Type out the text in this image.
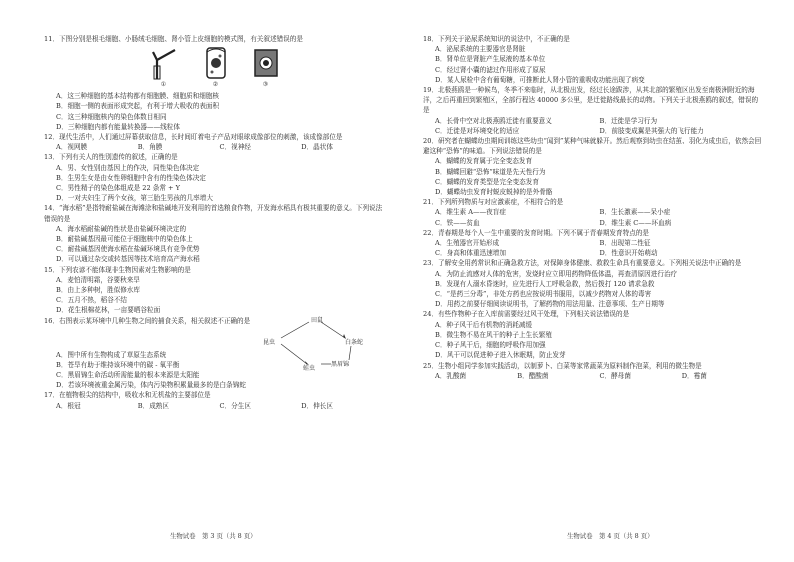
11．下图分别是根毛细胞、小肠绒毛细胞、肾小管上皮细胞的模式图，有关叙述错误的是
①	②	③
A．这三种细胞的基本结构都有细胞膜、细胞质和细胞核
B．细胞一侧的表面形成突起，有利于增大吸收的表面积
C．这三种细胞核内的染色体数目相同
D．三种细胞内都有能量转换器——线粒体
12．现代生活中，人们通过屏幕获取信息，长时间盯着电子产品对眼球成像部位的刺激，该成像部位是
A．视网膜	B．角膜	C．视神经	D．晶状体
13．下列有关人的性别遗传的叙述，正确的是
A．男、女性别由基因上的作决，同性染色体决定
B．生男生女是由女性卵细胞中含有的性染色体决定
C．男性精子的染色体组成是 22 条常 + Y
D．一对夫妇生了两个女孩，第三胎生男孩的几率增大
14．“海水稻”是指特耐盐碱在海滩涂和盐碱地开发利用的首选粮食作物，开发海水稻具有极其重要的意义。下列说法错误的是
A．海水稻耐盐碱的性状是由盐碱环境决定的
B．耐盐碱基因最可能位于细胞核中的染色体上
C．耐盐碱基因使海水稻在盐碱环境具有竞争优势
D．可以通过杂交或转基因等技术培育高产海水稻
15．下列农谚不能体现非生物因素对生物影响的是
A．麦怕清明霜，谷要秋来旱
B．由上多种树，胜似修水库
C．五月不热，稻谷不结
D．花生根棉花林，一亩要晒谷粒面
16．右图表示某环境中几种生物之间的捕食关系，相关叙述不正确的是	田鼠
昆虫	白条蛇
蛙虫
黑眉锦
A．图中所有生物构成了草原生态系统
B．苍旱有助于维持该环境中的碳 - 氧平衡
C．黑眉锦生命活动所需能量的根本来源是太阳能
D．若该环境被重金属污染，体内污染物积累量最多的是白条锦蛇
17．在植物根尖的结构中，吸收水和无机盐的主要部位是
A．根冠	B．成熟区	C．分生区	D．伸长区
生物试卷　第 3 页（共 8 页）
18．下列关于泌尿系统知识的说法中，不正确的是
A．泌尿系统的主要器官是肾脏
B．肾单位是肾脏产生尿液的基本单位
C．经过肾小囊的滤过作用形成了原尿
D．某人尿检中含有葡萄糖，可推断此人肾小管的重吸收功能出现了病变
19．北极燕鸥是一种候鸟，冬季不来临时，从北极出发，经过长途跋涉，从其北部的繁殖区出发至南极洲附近的海洋，之后再重回到繁殖区，全部行程达 40000 多公里，是迁徙路线最长的动物。下列关于北极燕鸥的叙述，错误的是
A．长骨中空对北极燕鸥迁徙有重要意义	B．迁徙是学习行为
C．迁徙是对环境变化的适应	D．前肢变成翼是其强大的飞行能力
20．研究者在蝴蝶幼虫期间训练这些幼虫“闻到”某种气味就躲开。然后观察到幼虫在结茧、羽化为成虫后，依然会回避这种“恐怖”的味道。下列说法错误的是
A．蝴蝶的发育属于完全变态发育
B．蝴蝶回避“恐怖”味道是先天性行为
C．蝴蝶的发育类型是完全变态发育
D．蝴蝶幼虫发育时蜕皮蜕掉的是外骨骼
21．下列所列物质与对应激素症，不相符合的是
A．维生素 A——夜盲症	B．生长激素——呆小症
C．铁——贫血	D．维生素 C——坏血病
22．青春期是每个人一生中重要的发育时期。下列不属于青春期发育特点的是
A．生殖器官开始形成	B．出现第二性征
C．身高和体重迅速增加	D．性意识开始萌动
23．了解安全用药常识和正确急救方法，对保障身体健康、救救生命具有重要意义。下列相关说法中正确的是
A．为防止流感对人体的危害，发烧时应立即用药物降低体温，再查清原因进行治疗
B．发现有人溺水昏迷时，应先进行人工呼吸急救，然后拨打 120 请求急救
C．“是药三分毒”，非处方药也应按说明书服用，以减少药物对人体的毒害
D．用药之前要仔细阅读说明书，了解药物的用法用量、注意事项、生产日期等
24．有些作物种子在入库前需要经过风干处理，下列相关说法错误的是
A．种子风干后有机物的消耗减缓
B．微生物不易在风干的种子上生长繁殖
C．种子风干后，细胞的呼吸作用加强
D．风干可以促进种子进入休眠期，防止发芽
25．生物小组同学参加实践活动，以制萝卜、白菜等家常蔬菜为原料制作泡菜，利用的微生物是
A．乳酸菌	B．醋酸菌	C．酵母菌	D．霉菌
生物试卷　第 4 页（共 8 页）
